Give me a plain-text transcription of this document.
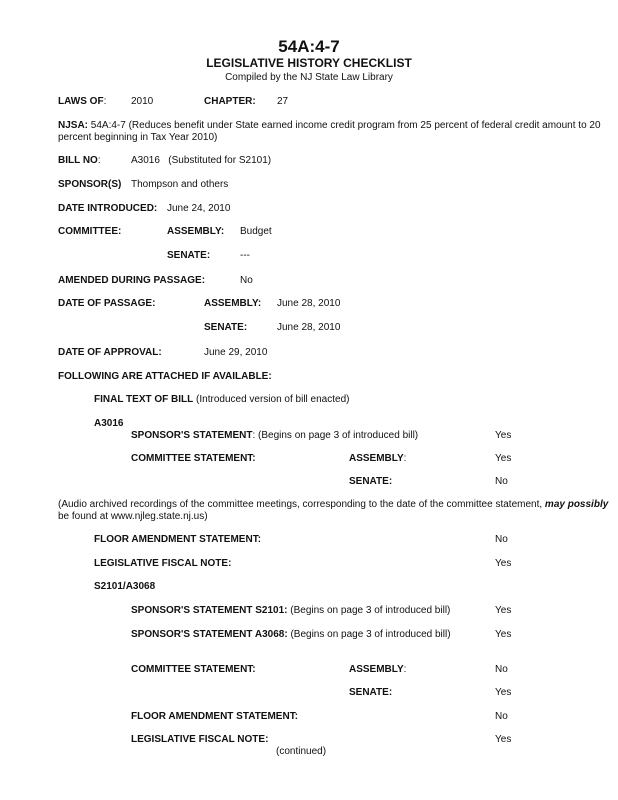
54A:4-7
LEGISLATIVE HISTORY CHECKLIST
Compiled by the NJ State Law Library
LAWS OF: 2010	CHAPTER: 27
NJSA: 54A:4-7 (Reduces benefit under State earned income credit program from 25 percent of federal credit amount to 20 percent beginning in Tax Year 2010)
BILL NO:	A3016 (Substituted for S2101)
SPONSOR(S) Thompson and others
DATE INTRODUCED: June 24, 2010
COMMITTEE:	ASSEMBLY: Budget
SENATE:	---
AMENDED DURING PASSAGE:	No
DATE OF PASSAGE:	ASSEMBLY: June 28, 2010
SENATE:	June 28, 2010
DATE OF APPROVAL:	June 29, 2010
FOLLOWING ARE ATTACHED IF AVAILABLE:
FINAL TEXT OF BILL (Introduced version of bill enacted)
A3016
SPONSOR'S STATEMENT: (Begins on page 3 of introduced bill)	Yes
COMMITTEE STATEMENT:	ASSEMBLY:	Yes
SENATE:	No
(Audio archived recordings of the committee meetings, corresponding to the date of the committee statement, may possibly
be found at www.njleg.state.nj.us)
FLOOR AMENDMENT STATEMENT:	No
LEGISLATIVE FISCAL NOTE:	Yes
S2101/A3068
SPONSOR'S STATEMENT S2101: (Begins on page 3 of introduced bill)	Yes
SPONSOR'S STATEMENT A3068: (Begins on page 3 of introduced bill)	Yes
COMMITTEE STATEMENT:	ASSEMBLY:	No
SENATE:	Yes
FLOOR AMENDMENT STATEMENT:	No
LEGISLATIVE FISCAL NOTE:	Yes
(continued)
